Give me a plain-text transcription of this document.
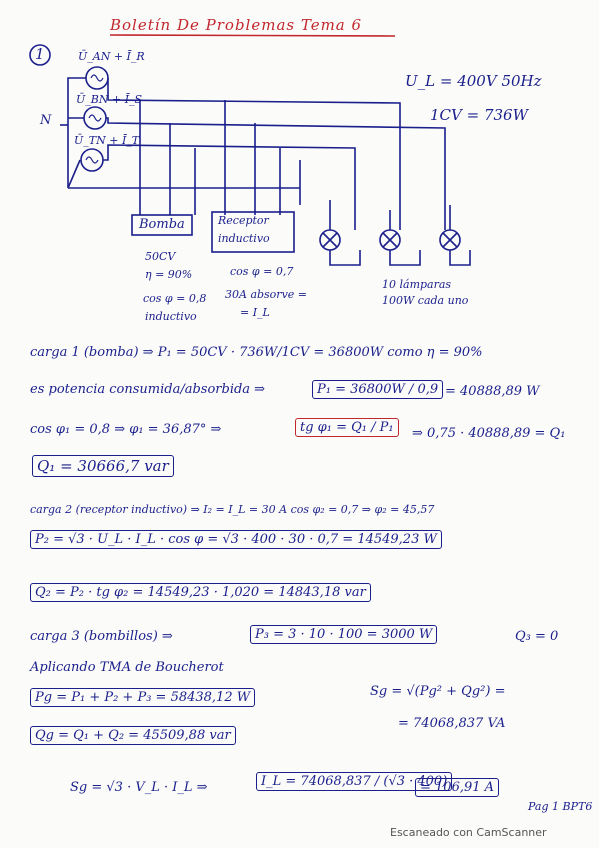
Boletín De Problemas Tema 6
1	Ū_AN + Ī_R
Ū_BN + Ī_S
Ū_TN + Ī_T
N
Bomba	Receptor
inductivo
U_L = 400V 50Hz
1CV = 736W
50CV
η = 90%
cos φ = 0,8
inductivo
cos φ = 0,7
30A absorve =
= I_L
10 lámparas
100W cada uno
carga 1 (bomba) ⇒ P₁ = 50CV · 736W/1CV = 36800W como η = 90%
es potencia consumida/absorbida ⇒	P₁ = 36800W / 0,9 = 40888,89 W
cos φ₁ = 0,8 ⇒ φ₁ = 36,87° ⇒	tg φ₁ = Q₁ / P₁	⇒ 0,75 · 40888,89 = Q₁
Q₁ = 30666,7 var
carga 2 (receptor inductivo) ⇒ I₂ = I_L = 30 A cos φ₂ = 0,7 ⇒ φ₂ = 45,57
P₂ = √3 · U_L · I_L · cos φ = √3 · 400 · 30 · 0,7 = 14549,23 W
Q₂ = P₂ · tg φ₂ = 14549,23 · 1,020 = 14843,18 var
carga 3 (bombillos) ⇒	P₃ = 3 · 10 · 100 = 3000 W	Q₃ = 0
Aplicando TMA de Boucherot
Pg = P₁ + P₂ + P₃ = 58438,12 W	Sg = √(Pg² + Qg²) =
Qg = Q₁ + Q₂ = 45509,88 var
= 74068,837 VA
Sg = √3 · V_L · I_L ⇒	I_L = 74068,837 / (√3 · 400)
= 106,91 A
Pag 1 BPT6
Escaneado con CamScanner
